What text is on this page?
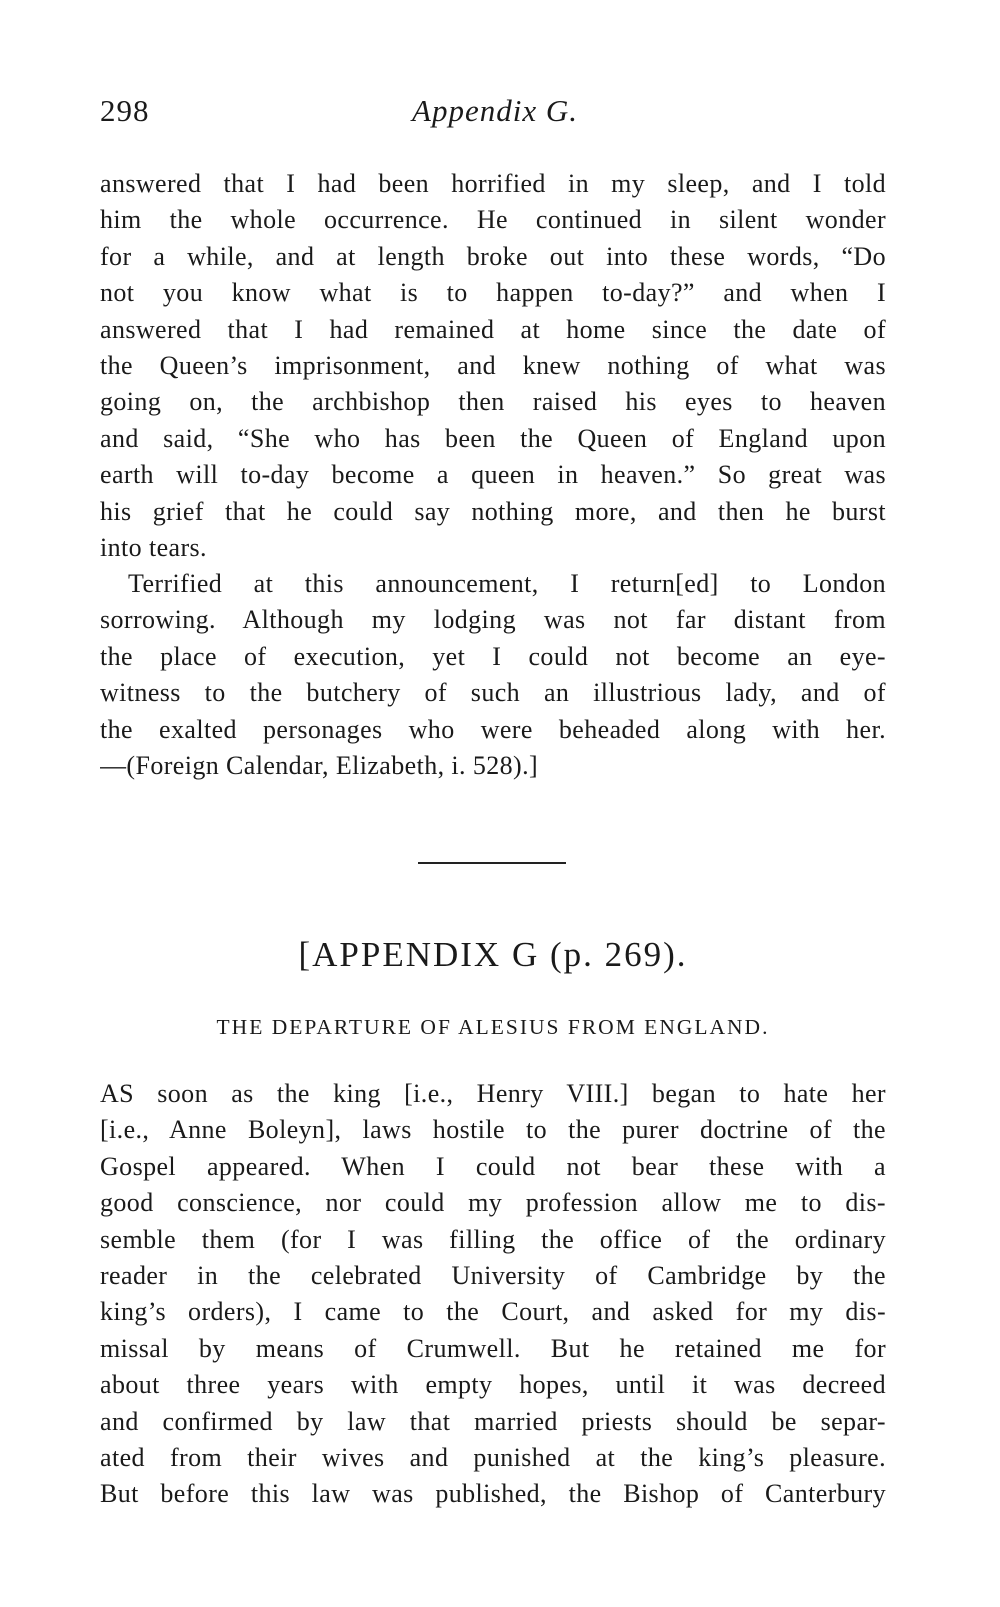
298	Appendix G.
answered that I had been horrified in my sleep, and I told
him the whole occurrence. He continued in silent wonder
for a while, and at length broke out into these words, “Do
not you know what is to happen to-day?” and when I
answered that I had remained at home since the date of
the Queen’s imprisonment, and knew nothing of what was
going on, the archbishop then raised his eyes to heaven
and said, “She who has been the Queen of England upon
earth will to-day become a queen in heaven.” So great was
his grief that he could say nothing more, and then he burst
into tears.
Terrified at this announcement, I return[ed] to London
sorrowing. Although my lodging was not far distant from
the place of execution, yet I could not become an eye-
witness to the butchery of such an illustrious lady, and of
the exalted personages who were beheaded along with her.
—(Foreign Calendar, Elizabeth, i. 528).]
[APPENDIX G (p. 269).
THE DEPARTURE OF ALESIUS FROM ENGLAND.
AS soon as the king [i.e., Henry VIII.] began to hate her
[i.e., Anne Boleyn], laws hostile to the purer doctrine of the
Gospel appeared. When I could not bear these with a
good conscience, nor could my profession allow me to dis-
semble them (for I was filling the office of the ordinary
reader in the celebrated University of Cambridge by the
king’s orders), I came to the Court, and asked for my dis-
missal by means of Crumwell. But he retained me for
about three years with empty hopes, until it was decreed
and confirmed by law that married priests should be separ-
ated from their wives and punished at the king’s pleasure.
But before this law was published, the Bishop of Canterbury
